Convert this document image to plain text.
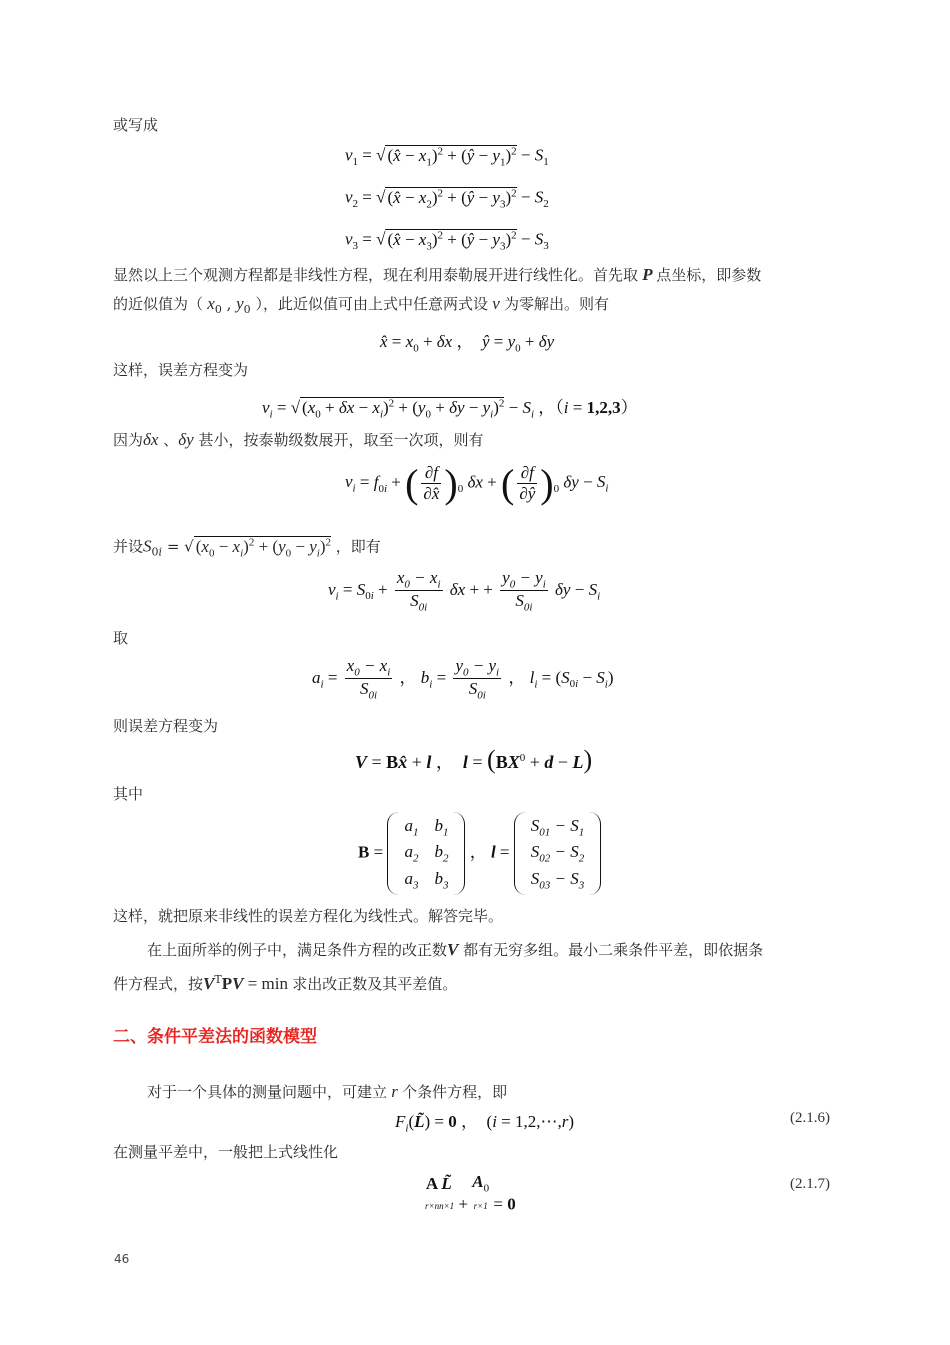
或写成
$v_1$ = √ (x̂ − $x_1)^2$ + (ŷ − $y_1)^2 - S_1$
$v_2$ = √ (x̂ − $x_2)^2$ + (ŷ − $y_3)^2 - S_2$
$v_3$ = √ (x̂ − $x_3)^2$ + (ŷ − $y_3)^2 - S_3$
显然以上三个观测方程都是非线性方程，现在利用泰勒展开进行线性化。首先取 P 点坐标，即参数
的近似值为（ $x_0$ , $y_0$ ），此近似值可由上式中任意两式设 v 为零解出。则有
x̂ = $x_0 + \delta x$ ，  ŷ = $y_0 + \delta y$
这样，误差方程变为
$v_i$ = √ $(x_0 + \delta x - x_i)^2 + (y_0 + \delta y - y_i)^2 - S_i$ ，（i = 1,2,3）
因为δx 、δy 甚小，按泰勒级数展开，取至一次项，则有
$v_i = f_{0i}$ + ( $\frac{\partial f}{\partial x̂} )_0$ δx + ( $\frac{\partial f}{\partial ŷ} )_0$ $\delta y - S_i$
并设$S_{0i}$ = √ $(x_0 - x_i)^2 + (y_0 - y_i)^2$ ，即有
$v_i = S_{0i} + \frac{x_0 - x_i}{S_{0i}}$ δx + + $\frac{y_0 - y_i}{S_{0i}}$ $\delta y - S_i$
取
$a_i = \frac{x_0 - x_i}{S_{0i}}$ ， $b_i = \frac{y_0 - y_i}{S_{0i}}$ ， $l_i = (S_{0i} - S_i)$
则误差方程变为
V = Bx̂ + l ，  $l = (BX^0 + d - L)$
其中
B =
$a_1$	$b_1$
$a_2$	$b_2$
$a_3$	$b_3$
， l =
$S_{01} - S_1$
$S_{02} - S_2$
$S_{03} - S_3$
这样，就把原来非线性的误差方程化为线性式。解答完毕。
在上面所举的例子中，满足条件方程的改正数V 都有无穷多组。最小二乘条件平差，即依据条
件方程式，按$V^TPV = \min$ 求出改正数及其平差值。
二、条件平差法的函数模型
对于一个具体的测量问题中，可建立 r 个条件方程，即
$F_i(L̃) = 0$ ，  (i = 1,2,⋯,r)	(2.1.6)
在测量平差中，一般把上式线性化
A
r×nL̃
$n\times 1 + A_0$
r×1 = 0
(2.1.7)
46
